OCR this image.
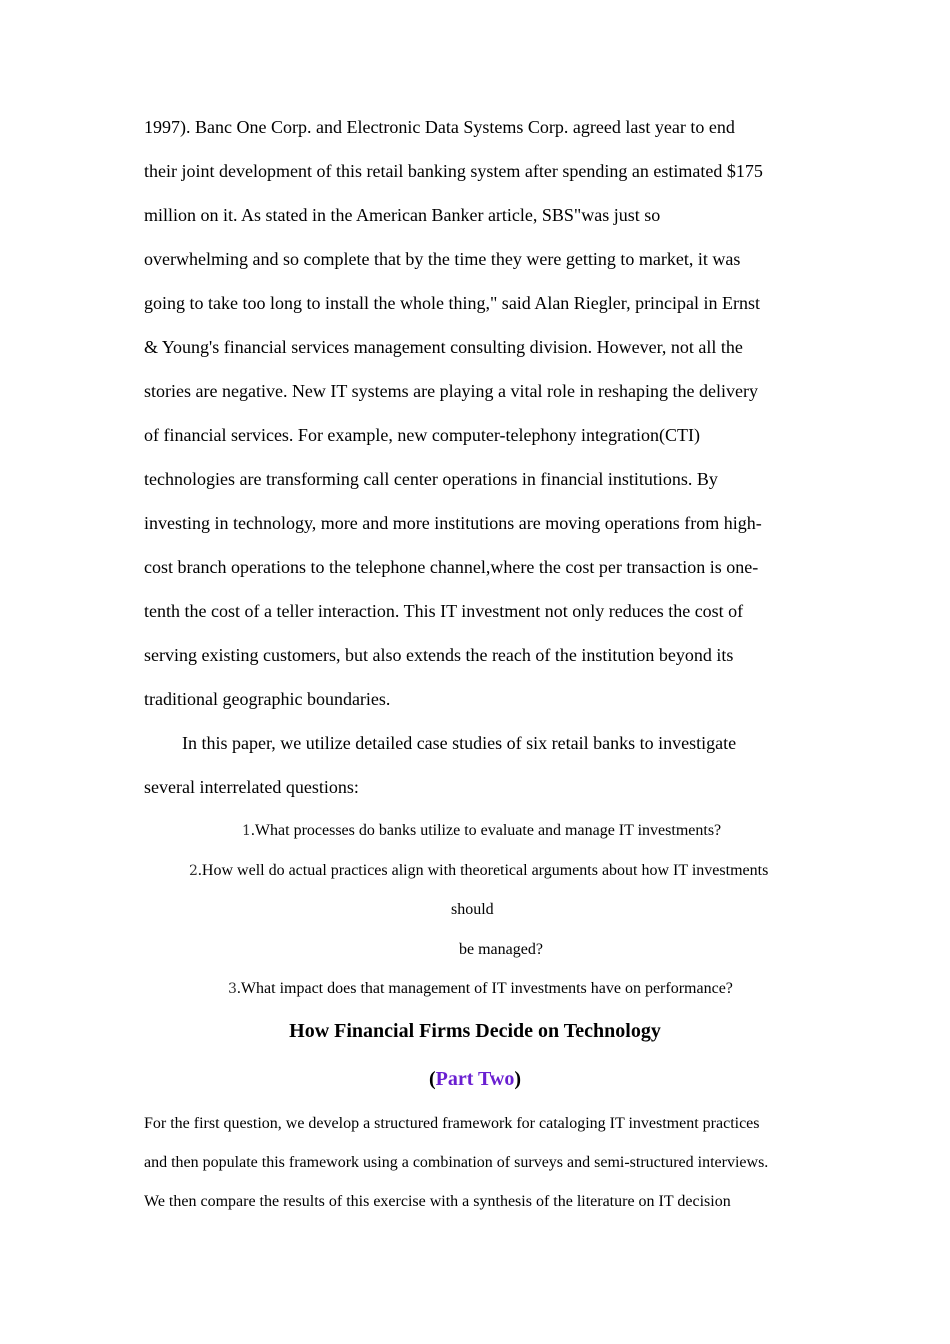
1997). Banc One Corp. and Electronic Data Systems Corp. agreed last year to end
their joint development of this retail banking system after spending an estimated $175
million on it. As stated in the American Banker article, SBS"was just so
overwhelming and so complete that by the time they were getting to market, it was
going to take too long to install the whole thing," said Alan Riegler, principal in Ernst
& Young's financial services management consulting division. However, not all the
stories are negative. New IT systems are playing a vital role in reshaping the delivery
of financial services. For example, new computer-telephony integration(CTI)
technologies are transforming call center operations in financial institutions. By
investing in technology, more and more institutions are moving operations from high-
cost branch operations to the telephone channel,where the cost per transaction is one-
tenth the cost of a teller interaction. This IT investment not only reduces the cost of
serving existing customers, but also extends the reach of the institution beyond its
traditional geographic boundaries.
In this paper, we utilize detailed case studies of six retail banks to investigate
several interrelated questions:
1.What processes do banks utilize to evaluate and manage IT investments?
2.How well do actual practices align with theoretical arguments about how IT investments
should
be managed?
3.What impact does that management of IT investments have on performance?
How Financial Firms Decide on Technology
(Part Two)
For the first question, we develop a structured framework for cataloging IT investment practices
and then populate this framework using a combination of surveys and semi-structured interviews.
We then compare the results of this exercise with a synthesis of the literature on IT decision
